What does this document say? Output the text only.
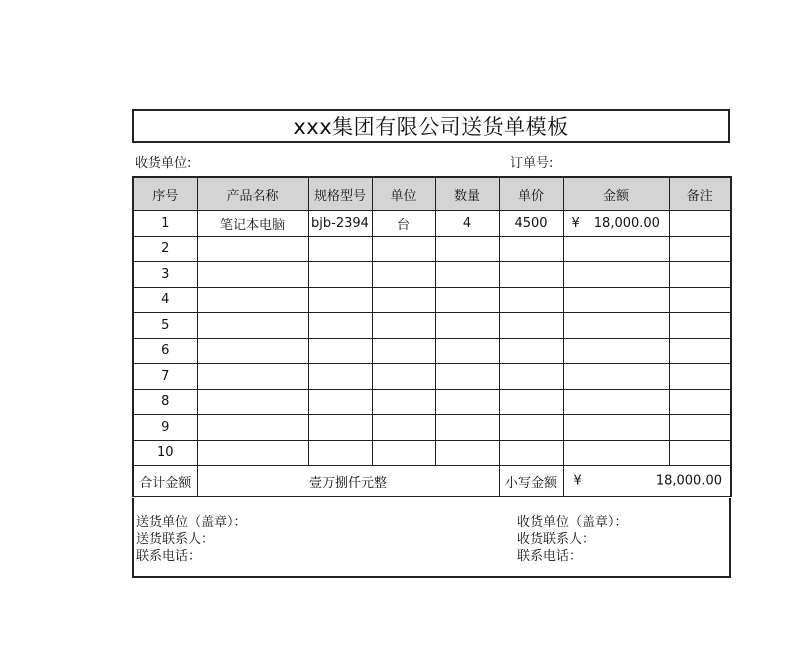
xxx集团有限公司送货单模板
收货单位:	订单号:
序号	产品名称	规格型号	单位	数量	单价	金额	备注
1	笔记本电脑	bjb-2394	台	4	4500	¥ 18,000.00	
2							
3							
4							
5							
6							
7							
8							
9							
10							
合计金额	壹万捌仟元整				小写金额	¥ 18,000.00	
送货单位（盖章）：
送货联系人：
联系电话：
收货单位（盖章）：
收货联系人：
联系电话：
